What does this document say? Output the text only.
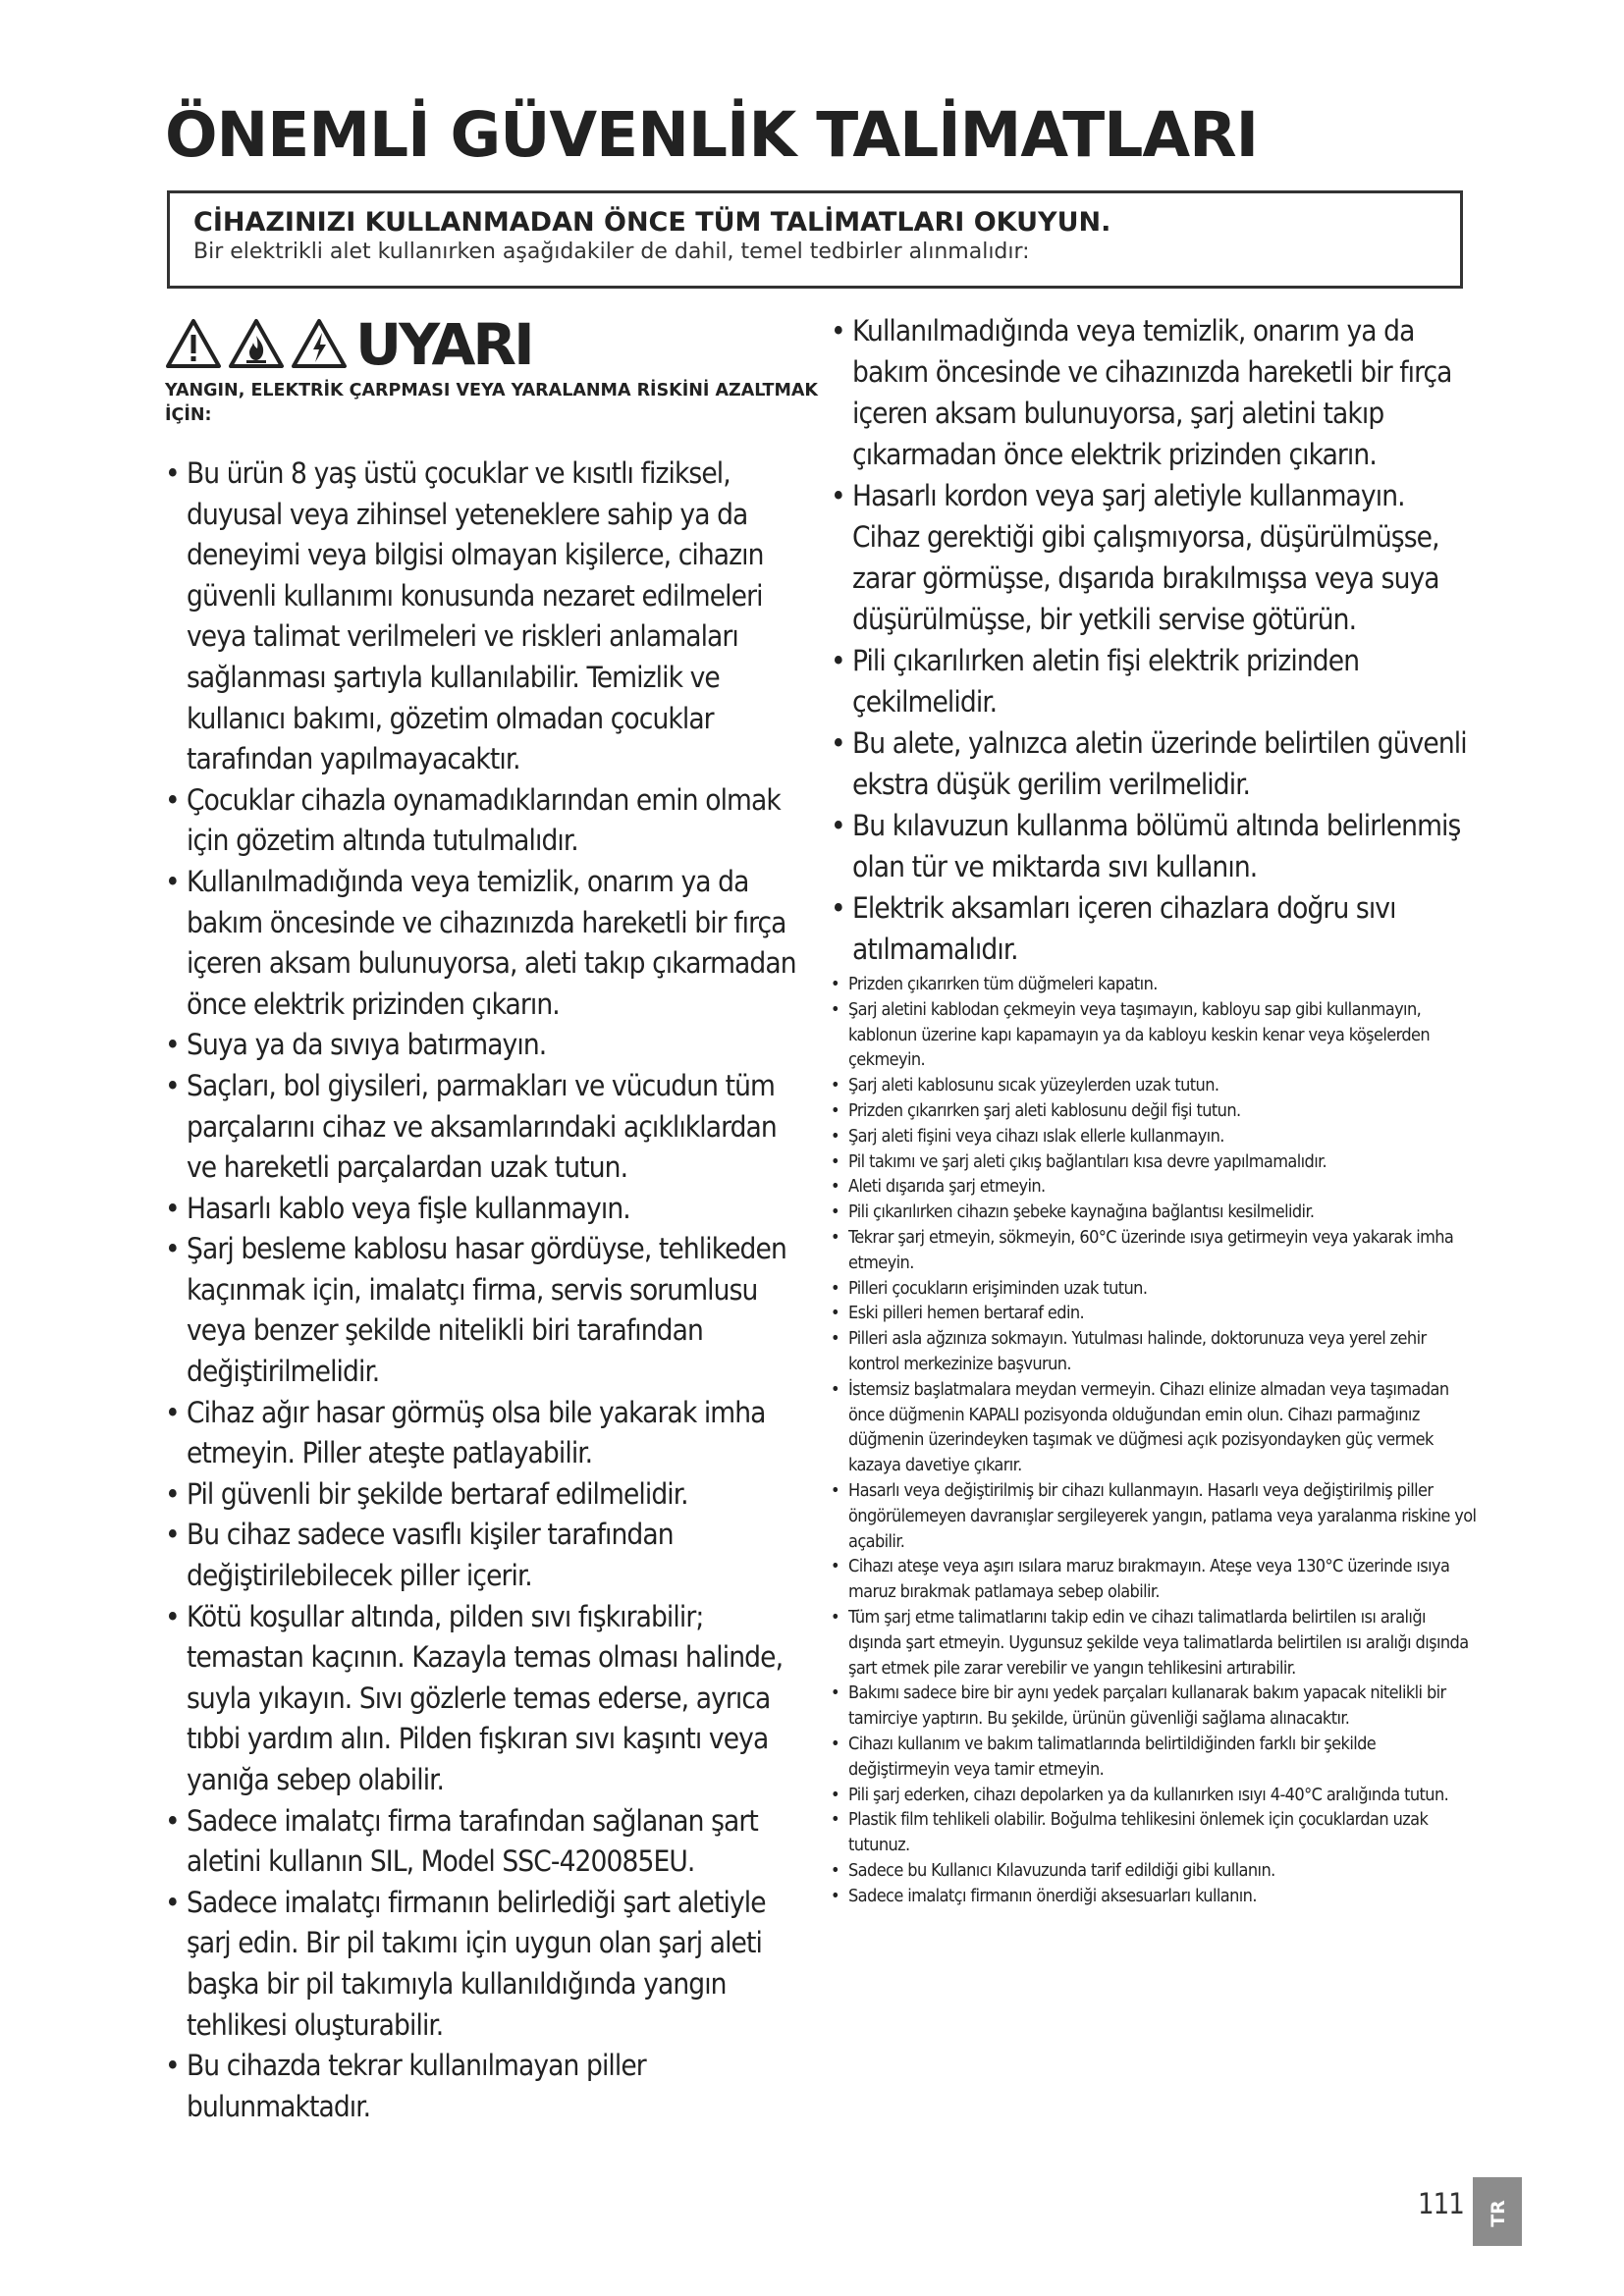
ÖNEMLİ GÜVENLİK TALİMATLARI
CİHAZINIZI KULLANMADAN ÖNCE TÜM TALİMATLARI OKUYUN.
Bir elektrikli alet kullanırken aşağıdakiler de dahil, temel tedbirler alınmalıdır:
UYARI
YANGIN, ELEKTRİK ÇARPMASI VEYA YARALANMA RİSKİNİ AZALTMAK İÇİN:
• Bu ürün 8 yaş üstü çocuklar ve kısıtlı fiziksel, duyusal veya zihinsel yeteneklere sahip ya da deneyimi veya bilgisi olmayan kişilerce, cihazın güvenli kullanımı konusunda nezaret edilmeleri veya talimat verilmeleri ve riskleri anlamaları sağlanması şartıyla kullanılabilir. Temizlik ve kullanıcı bakımı, gözetim olmadan çocuklar tarafından yapılmayacaktır.
• Çocuklar cihazla oynamadıklarından emin olmak için gözetim altında tutulmalıdır.
• Kullanılmadığında veya temizlik, onarım ya da bakım öncesinde ve cihazınızda hareketli bir fırça içeren aksam bulunuyorsa, aleti takıp çıkarmadan önce elektrik prizinden çıkarın.
• Suya ya da sıvıya batırmayın.
• Saçları, bol giysileri, parmakları ve vücudun tüm parçalarını cihaz ve aksamlarındaki açıklıklardan ve hareketli parçalardan uzak tutun.
• Hasarlı kablo veya fişle kullanmayın.
• Şarj besleme kablosu hasar gördüyse, tehlikeden kaçınmak için, imalatçı firma, servis sorumlusu veya benzer şekilde nitelikli biri tarafından değiştirilmelidir.
• Cihaz ağır hasar görmüş olsa bile yakarak imha etmeyin. Piller ateşte patlayabilir.
• Pil güvenli bir şekilde bertaraf edilmelidir.
• Bu cihaz sadece vasıflı kişiler tarafından değiştirilebilecek piller içerir.
• Kötü koşullar altında, pilden sıvı fışkırabilir; temastan kaçının. Kazayla temas olması halinde, suyla yıkayın. Sıvı gözlerle temas ederse, ayrıca tıbbi yardım alın. Pilden fışkıran sıvı kaşıntı veya yanığa sebep olabilir.
• Sadece imalatçı firma tarafından sağlanan şart aletini kullanın SIL, Model SSC-420085EU.
• Sadece imalatçı firmanın belirlediği şart aletiyle şarj edin. Bir pil takımı için uygun olan şarj aleti başka bir pil takımıyla kullanıldığında yangın tehlikesi oluşturabilir.
• Bu cihazda tekrar kullanılmayan piller bulunmaktadır.
• Kullanılmadığında veya temizlik, onarım ya da bakım öncesinde ve cihazınızda hareketli bir fırça içeren aksam bulunuyorsa, şarj aletini takıp çıkarmadan önce elektrik prizinden çıkarın.
• Hasarlı kordon veya şarj aletiyle kullanmayın. Cihaz gerektiği gibi çalışmıyorsa, düşürülmüşse, zarar görmüşse, dışarıda bırakılmışsa veya suya düşürülmüşse, bir yetkili servise götürün.
• Pili çıkarılırken aletin fişi elektrik prizinden çekilmelidir.
• Bu alete, yalnızca aletin üzerinde belirtilen güvenli ekstra düşük gerilim verilmelidir.
• Bu kılavuzun kullanma bölümü altında belirlenmiş olan tür ve miktarda sıvı kullanın.
• Elektrik aksamları içeren cihazlara doğru sıvı atılmamalıdır.
• Prizden çıkarırken tüm düğmeleri kapatın.
• Şarj aletini kablodan çekmeyin veya taşımayın, kabloyu sap gibi kullanmayın, kablonun üzerine kapı kapamayın ya da kabloyu keskin kenar veya köşelerden çekmeyin.
• Şarj aleti kablosunu sıcak yüzeylerden uzak tutun.
• Prizden çıkarırken şarj aleti kablosunu değil fişi tutun.
• Şarj aleti fişini veya cihazı ıslak ellerle kullanmayın.
• Pil takımı ve şarj aleti çıkış bağlantıları kısa devre yapılmamalıdır.
• Aleti dışarıda şarj etmeyin.
• Pili çıkarılırken cihazın şebeke kaynağına bağlantısı kesilmelidir.
• Tekrar şarj etmeyin, sökmeyin, 60°C üzerinde ısıya getirmeyin veya yakarak imha etmeyin.
• Pilleri çocukların erişiminden uzak tutun.
• Eski pilleri hemen bertaraf edin.
• Pilleri asla ağzınıza sokmayın. Yutulması halinde, doktorunuza veya yerel zehir kontrol merkezinize başvurun.
• İstemsiz başlatmalara meydan vermeyin. Cihazı elinize almadan veya taşımadan önce düğmenin KAPALI pozisyonda olduğundan emin olun. Cihazı parmağınız düğmenin üzerindeyken taşımak ve düğmesi açık pozisyondayken güç vermek kazaya davetiye çıkarır.
• Hasarlı veya değiştirilmiş bir cihazı kullanmayın. Hasarlı veya değiştirilmiş piller öngörülemeyen davranışlar sergileyerek yangın, patlama veya yaralanma riskine yol açabilir.
• Cihazı ateşe veya aşırı ısılara maruz bırakmayın. Ateşe veya 130°C üzerinde ısıya maruz bırakmak patlamaya sebep olabilir.
• Tüm şarj etme talimatlarını takip edin ve cihazı talimatlarda belirtilen ısı aralığı dışında şart etmeyin. Uygunsuz şekilde veya talimatlarda belirtilen ısı aralığı dışında şart etmek pile zarar verebilir ve yangın tehlikesini artırabilir.
• Bakımı sadece bire bir aynı yedek parçaları kullanarak bakım yapacak nitelikli bir tamirciye yaptırın. Bu şekilde, ürünün güvenliği sağlama alınacaktır.
• Cihazı kullanım ve bakım talimatlarında belirtildiğinden farklı bir şekilde değiştirmeyin veya tamir etmeyin.
• Pili şarj ederken, cihazı depolarken ya da kullanırken ısıyı 4-40°C aralığında tutun.
• Plastik film tehlikeli olabilir. Boğulma tehlikesini önlemek için çocuklardan uzak tutunuz.
• Sadece bu Kullanıcı Kılavuzunda tarif edildiği gibi kullanın.
• Sadece imalatçı firmanın önerdiği aksesuarları kullanın.
111 TR
